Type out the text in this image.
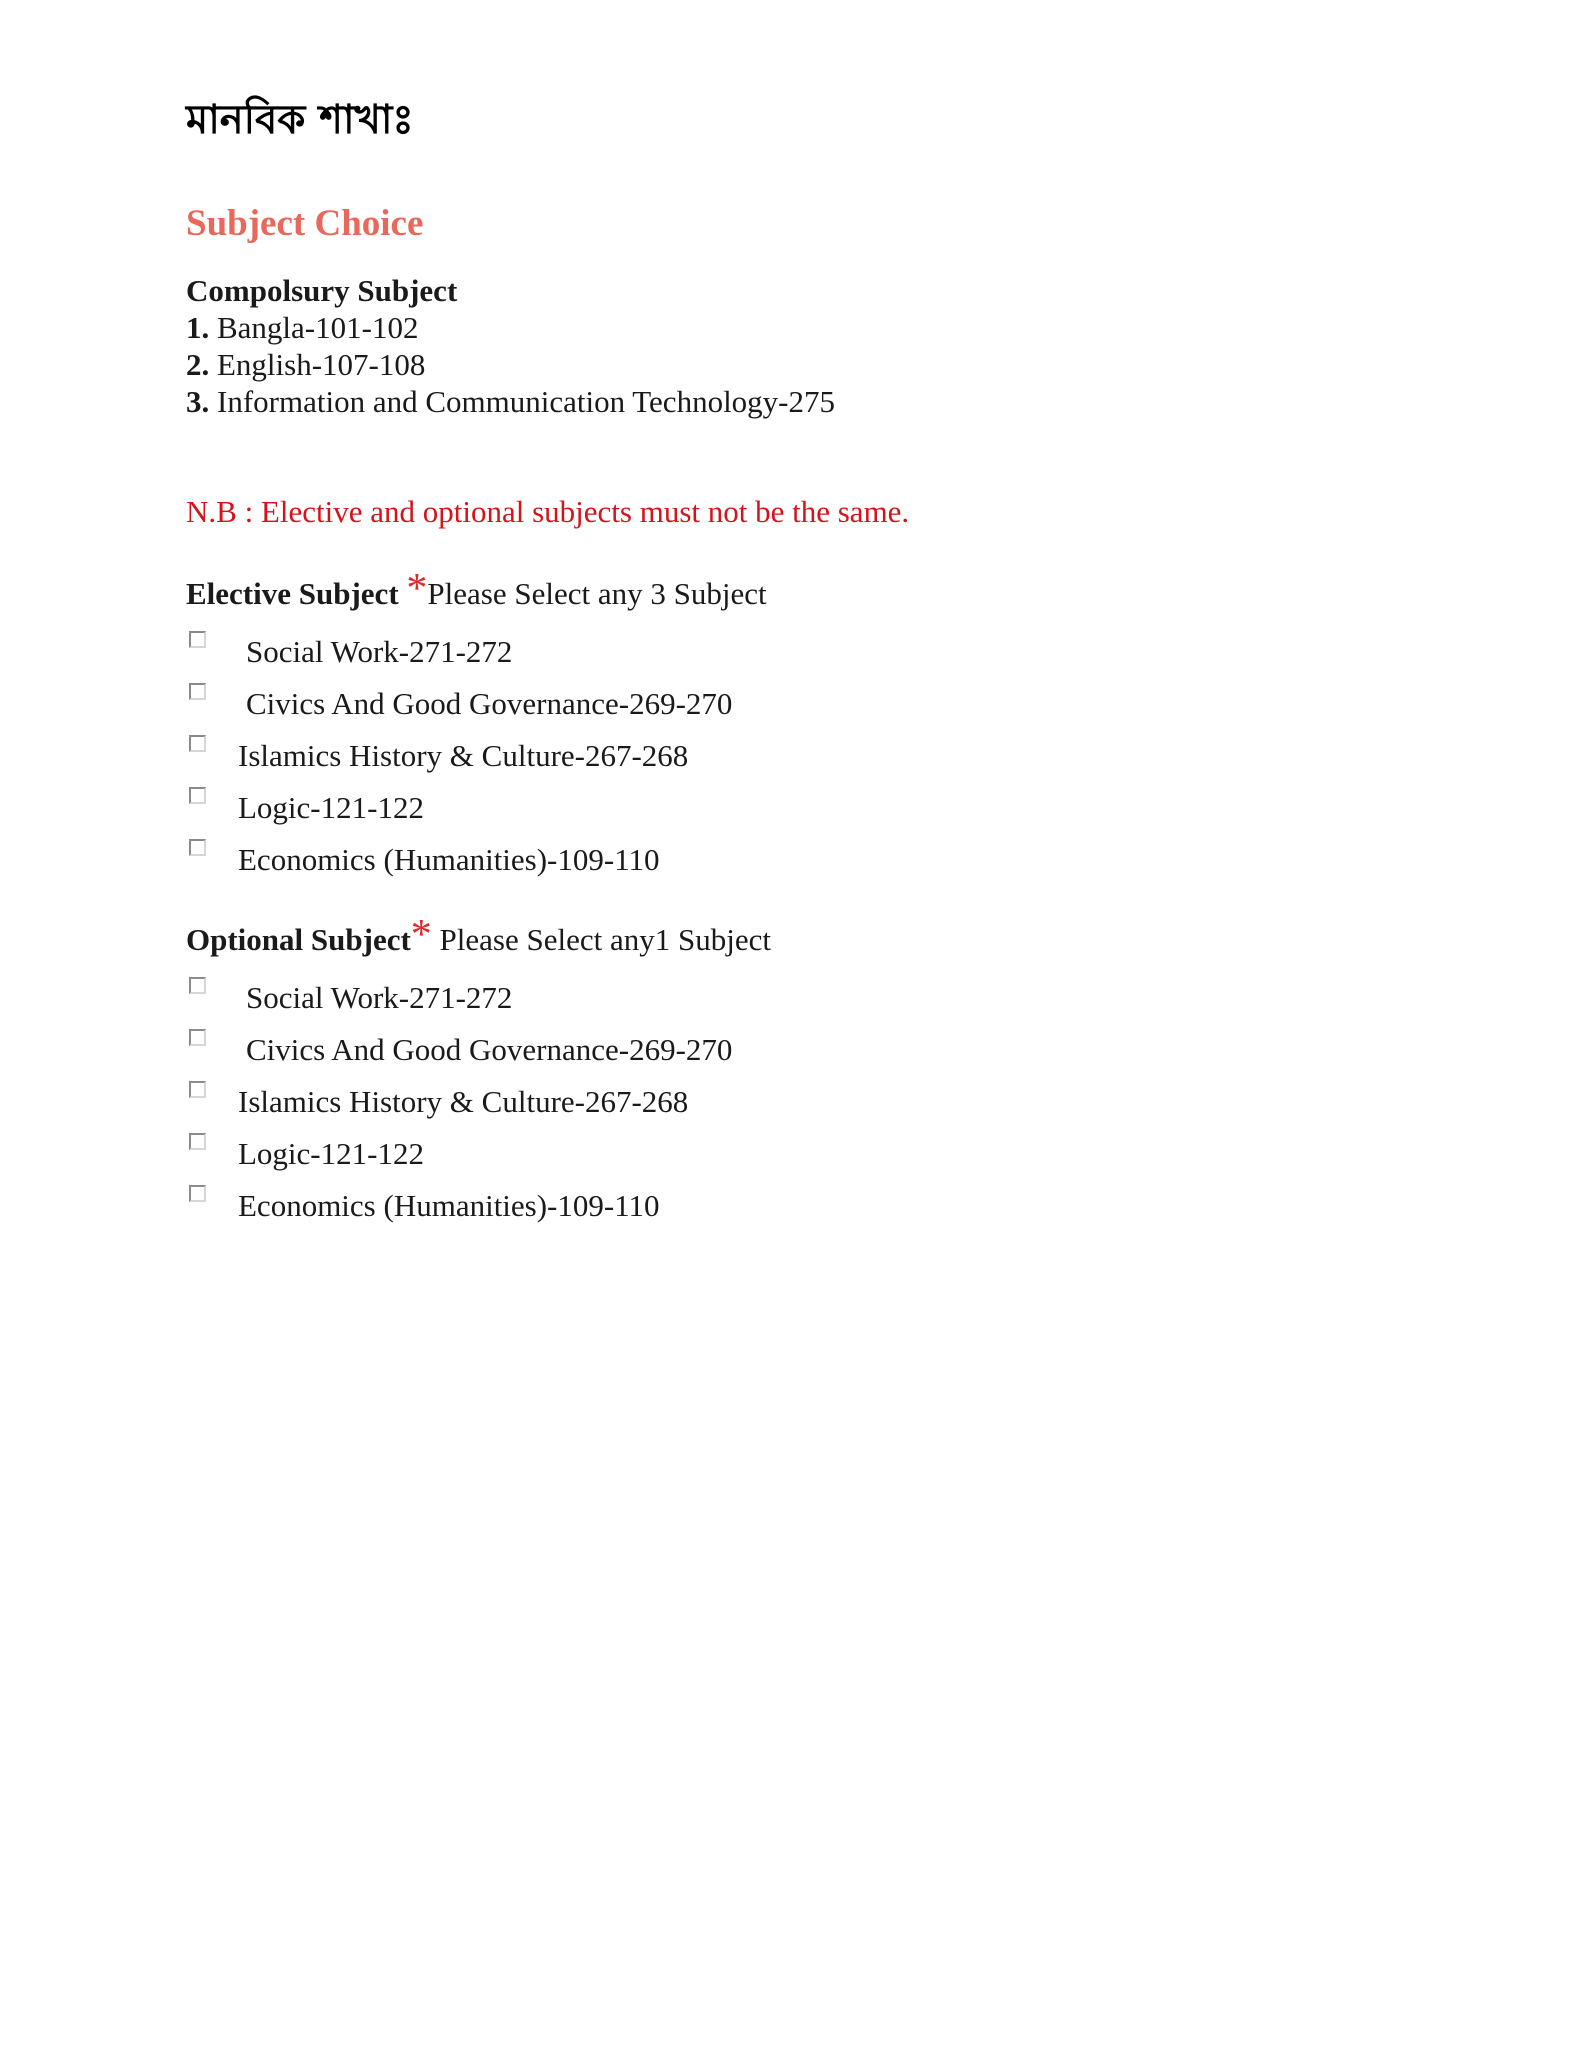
মানবিক শাখাঃ
Subject Choice
Compolsury Subject
1. Bangla-101-102
2. English-107-108
3. Information and Communication Technology-275
N.B : Elective and optional subjects must not be the same.
Elective Subject *Please Select any 3 Subject
Social Work-271-272
Civics And Good Governance-269-270
Islamics History & Culture-267-268
Logic-121-122
Economics (Humanities)-109-110
Optional Subject* Please Select any1 Subject
Social Work-271-272
Civics And Good Governance-269-270
Islamics History & Culture-267-268
Logic-121-122
Economics (Humanities)-109-110
